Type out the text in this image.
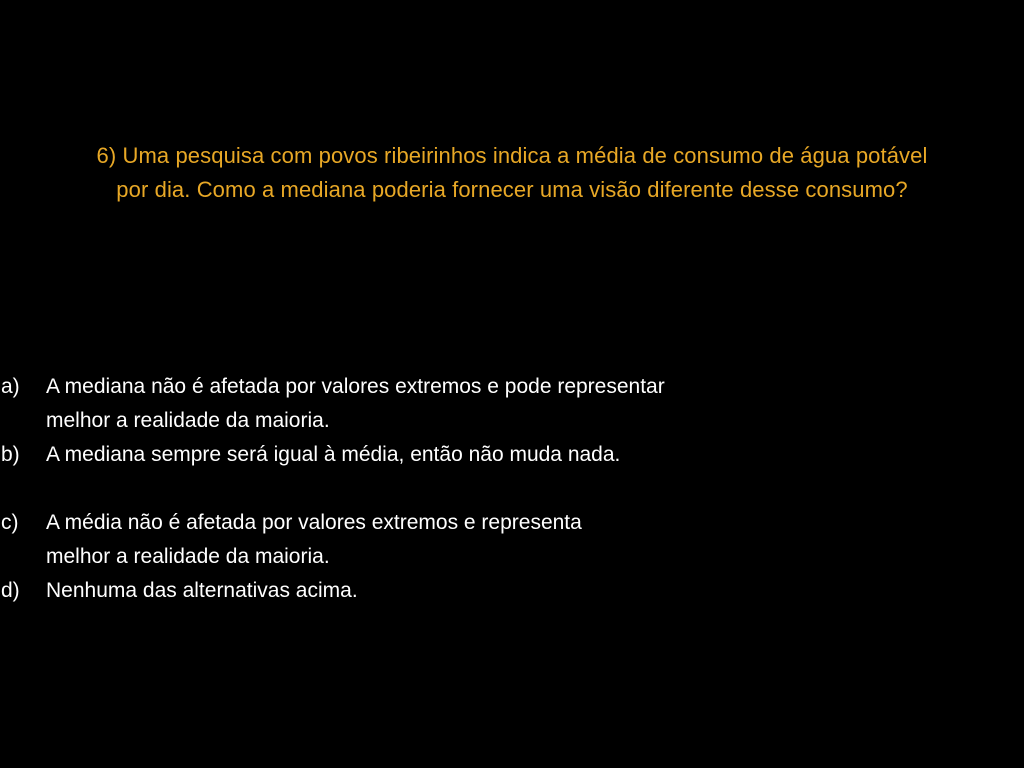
6) Uma pesquisa com povos ribeirinhos indica a média de consumo de água potável
por dia. Como a mediana poderia fornecer uma visão diferente desse consumo?
a) A mediana não é afetada por valores extremos e pode representar
melhor a realidade da maioria.
b) A mediana sempre será igual à média, então não muda nada.
c) A média não é afetada por valores extremos e representa
melhor a realidade da maioria.
d) Nenhuma das alternativas acima.
